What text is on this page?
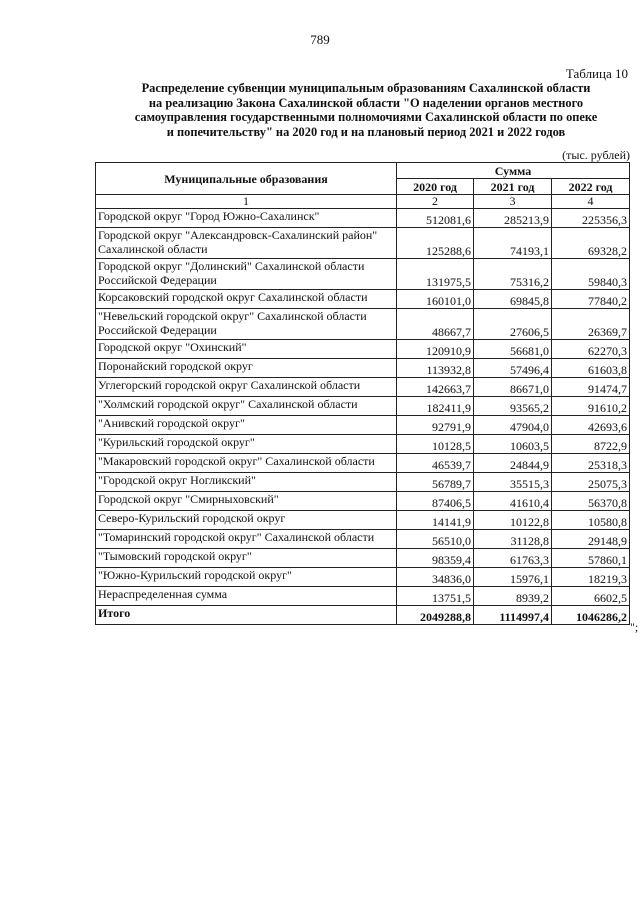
789
Таблица 10
Распределение субвенции муниципальным образованиям Сахалинской области
на реализацию Закона Сахалинской области "О наделении органов местного
самоуправления государственными полномочиями Сахалинской области по опеке
и попечительству" на 2020 год и на плановый период 2021 и 2022 годов
(тыс. рублей)
Муниципальные образования	Сумма		
	2020 год	2021 год	2022 год
1	2	3	4
Городской округ "Город Южно-Сахалинск"	512081,6	285213,9	225356,3
Городской округ "Александровск-Сахалинский район" Сахалинской области	125288,6	74193,1	69328,2
Городской округ "Долинский" Сахалинской области Российской Федерации	131975,5	75316,2	59840,3
Корсаковский городской округ Сахалинской области	160101,0	69845,8	77840,2
"Невельский городской округ" Сахалинской области Российской Федерации	48667,7	27606,5	26369,7
Городской округ "Охинский"	120910,9	56681,0	62270,3
Поронайский городской округ	113932,8	57496,4	61603,8
Углегорский городской округ Сахалинской области	142663,7	86671,0	91474,7
"Холмский городской округ" Сахалинской области	182411,9	93565,2	91610,2
"Анивский городской округ"	92791,9	47904,0	42693,6
"Курильский городской округ"	10128,5	10603,5	8722,9
"Макаровский городской округ" Сахалинской области	46539,7	24844,9	25318,3
"Городской округ Ногликский"	56789,7	35515,3	25075,3
Городской округ "Смирныховский"	87406,5	41610,4	56370,8
Северо-Курильский городской округ	14141,9	10122,8	10580,8
"Томаринский городской округ" Сахалинской области	56510,0	31128,8	29148,9
"Тымовский городской округ"	98359,4	61763,3	57860,1
"Южно-Курильский городской округ"	34836,0	15976,1	18219,3
Нераспределенная сумма	13751,5	8939,2	6602,5
Итого	2049288,8	1114997,4	1046286,2
";
